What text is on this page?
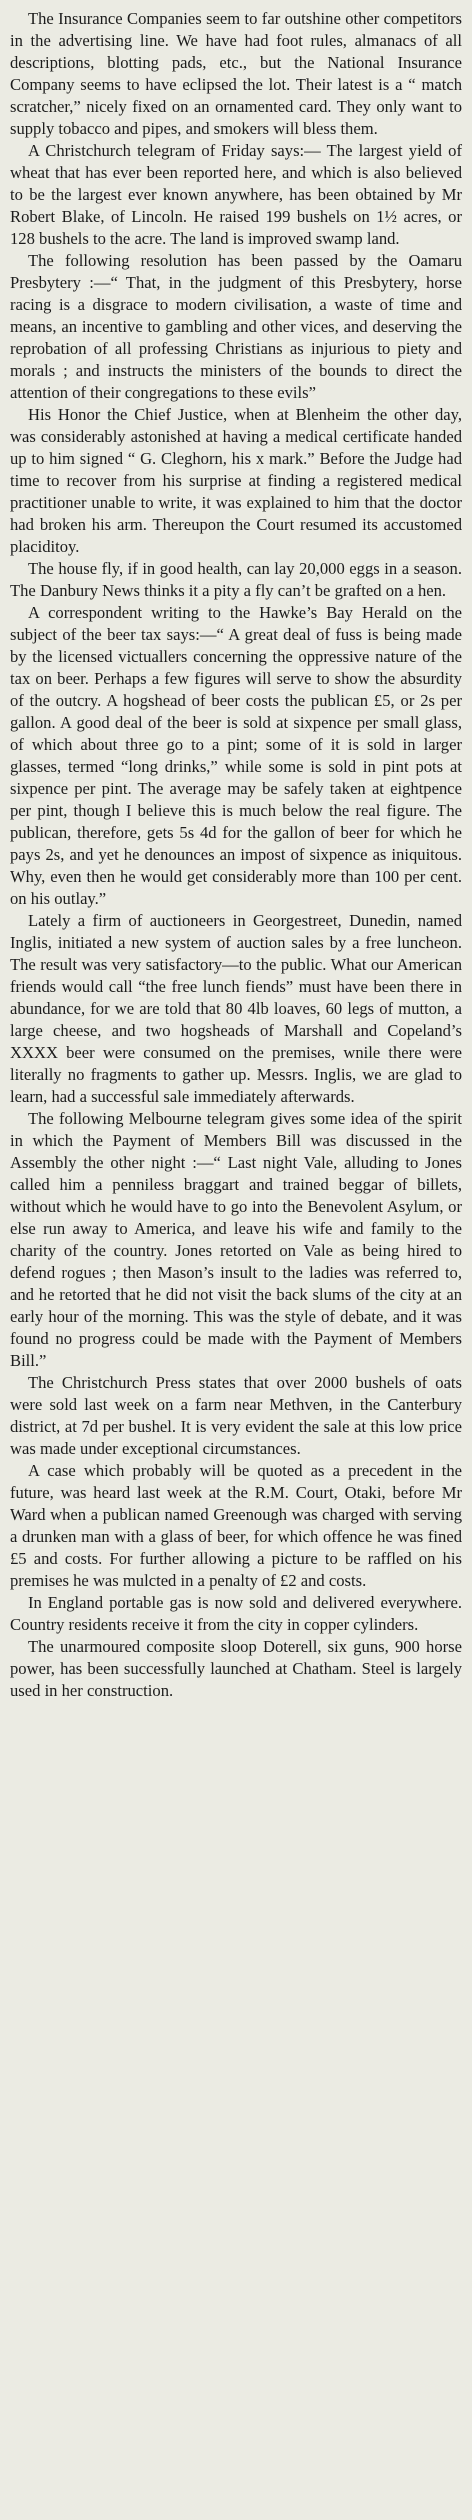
The Insurance Companies seem to far outshine other competitors in the advertising line. We have had foot rules, almanacs of all descriptions, blotting pads, etc., but the National Insurance Company seems to have eclipsed the lot. Their latest is a “ match scratcher,” nicely fixed on an ornamented card. They only want to supply tobacco and pipes, and smokers will bless them.

A Christchurch telegram of Friday says:— The largest yield of wheat that has ever been reported here, and which is also believed to be the largest ever known anywhere, has been obtained by Mr Robert Blake, of Lincoln. He raised 199 bushels on 1½ acres, or 128 bushels to the acre. The land is improved swamp land.

The following resolution has been passed by the Oamaru Presbytery :—“ That, in the judgment of this Presbytery, horse racing is a disgrace to modern civilisation, a waste of time and means, an incentive to gambling and other vices, and deserving the reprobation of all professing Christians as injurious to piety and morals ; and instructs the ministers of the bounds to direct the attention of their congregations to these evils”

His Honor the Chief Justice, when at Blenheim the other day, was considerably astonished at having a medical certificate handed up to him signed “ G. Cleghorn, his x mark.” Before the Judge had time to recover from his surprise at finding a registered medical practitioner unable to write, it was explained to him that the doctor had broken his arm. Thereupon the Court resumed its accustomed placiditoy.

The house fly, if in good health, can lay 20,000 eggs in a season. The Danbury News thinks it a pity a fly can’t be grafted on a hen.

A correspondent writing to the Hawke’s Bay Herald on the subject of the beer tax says:—“ A great deal of fuss is being made by the licensed victuallers concerning the oppressive nature of the tax on beer. Perhaps a few figures will serve to show the absurdity of the outcry. A hogshead of beer costs the publican £5, or 2s per gallon. A good deal of the beer is sold at sixpence per small glass, of which about three go to a pint; some of it is sold in larger glasses, termed “long drinks,” while some is sold in pint pots at sixpence per pint. The average may be safely taken at eightpence per pint, though I believe this is much below the real figure. The publican, therefore, gets 5s 4d for the gallon of beer for which he pays 2s, and yet he denounces an impost of sixpence as iniquitous. Why, even then he would get considerably more than 100 per cent. on his outlay.”

Lately a firm of auctioneers in Georgestreet, Dunedin, named Inglis, initiated a new system of auction sales by a free luncheon. The result was very satisfactory—to the public. What our American friends would call “the free lunch fiends” must have been there in abundance, for we are told that 80 4lb loaves, 60 legs of mutton, a large cheese, and two hogsheads of Marshall and Copeland’s XXXX beer were consumed on the premises, wnile there were literally no fragments to gather up. Messrs. Inglis, we are glad to learn, had a successful sale immediately afterwards.

The following Melbourne telegram gives some idea of the spirit in which the Payment of Members Bill was discussed in the Assembly the other night :—“ Last night Vale, alluding to Jones called him a penniless braggart and trained beggar of billets, without which he would have to go into the Benevolent Asylum, or else run away to America, and leave his wife and family to the charity of the country. Jones retorted on Vale as being hired to defend rogues ; then Mason’s insult to the ladies was referred to, and he retorted that he did not visit the back slums of the city at an early hour of the morning. This was the style of debate, and it was found no progress could be made with the Payment of Members Bill.”

The Christchurch Press states that over 2000 bushels of oats were sold last week on a farm near Methven, in the Canterbury district, at 7d per bushel. It is very evident the sale at this low price was made under exceptional circumstances.

A case which probably will be quoted as a precedent in the future, was heard last week at the R.M. Court, Otaki, before Mr Ward when a publican named Greenough was charged with serving a drunken man with a glass of beer, for which offence he was fined £5 and costs. For further allowing a picture to be raffled on his premises he was mulcted in a penalty of £2 and costs.

In England portable gas is now sold and delivered everywhere. Country residents receive it from the city in copper cylinders.

The unarmoured composite sloop Doterell, six guns, 900 horse power, has been successfully launched at Chatham. Steel is largely used in her construction.
